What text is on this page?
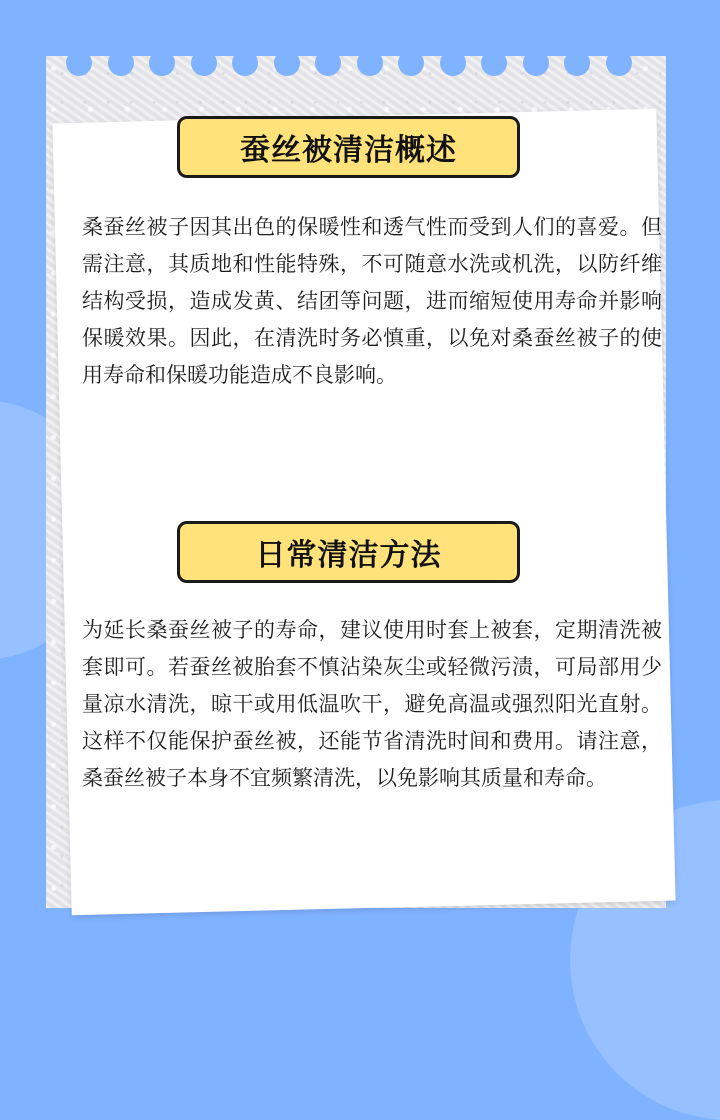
蚕丝被清洁概述

桑蚕丝被子因其出色的保暖性和透气性而受到人们的喜爱。但需注意，其质地和性能特殊，不可随意水洗或机洗，以防纤维结构受损，造成发黄、结团等问题，进而缩短使用寿命并影响保暖效果。因此，在清洗时务必慎重，以免对桑蚕丝被子的使用寿命和保暖功能造成不良影响。

日常清洁方法

为延长桑蚕丝被子的寿命，建议使用时套上被套，定期清洗被套即可。若蚕丝被胎套不慎沾染灰尘或轻微污渍，可局部用少量凉水清洗，晾干或用低温吹干，避免高温或强烈阳光直射。这样不仅能保护蚕丝被，还能节省清洗时间和费用。请注意，桑蚕丝被子本身不宜频繁清洗，以免影响其质量和寿命。
